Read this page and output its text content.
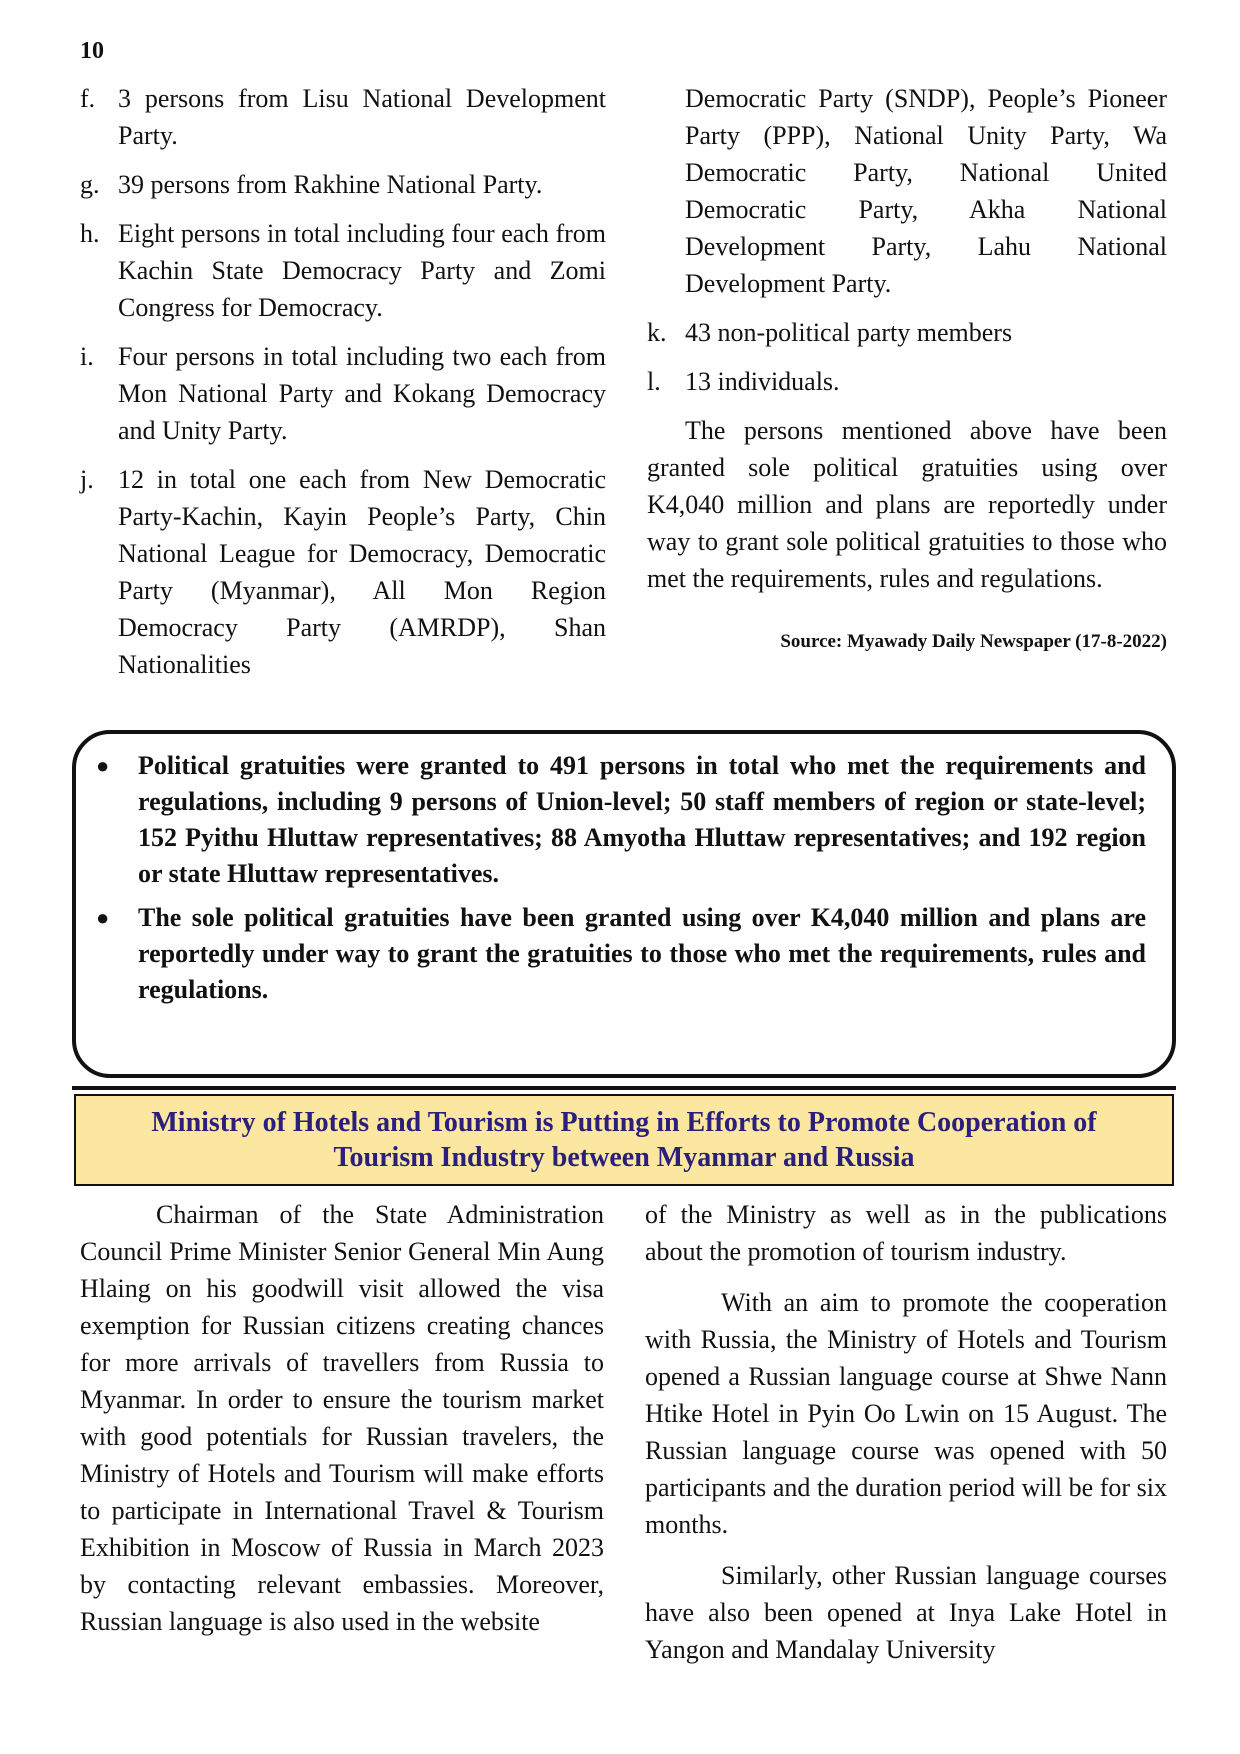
10
f. 3 persons from Lisu National Development Party.
g. 39 persons from Rakhine National Party.
h. Eight persons in total including four each from Kachin State Democracy Party and Zomi Congress for Democracy.
i. Four persons in total including two each from Mon National Party and Kokang Democracy and Unity Party.
j. 12 in total one each from New Democratic Party-Kachin, Kayin People’s Party, Chin National League for Democracy, Democratic Party (Myanmar), All Mon Region Democracy Party (AMRDP), Shan Nationalities
Democratic Party (SNDP), People’s Pioneer Party (PPP), National Unity Party, Wa Democratic Party, National United Democratic Party, Akha National Development Party, Lahu National Development Party.
k. 43 non-political party members
l. 13 individuals.

The persons mentioned above have been granted sole political gratuities using over K4,040 million and plans are reportedly under way to grant sole political gratuities to those who met the requirements, rules and regulations.

Source: Myawady Daily Newspaper (17-8-2022)
●	Political gratuities were granted to 491 persons in total who met the requirements and regulations, including 9 persons of Union-level; 50 staff members of region or state-level; 152 Pyithu Hluttaw representatives; 88 Amyotha Hluttaw representatives; and 192 region or state Hluttaw representatives.
●	The sole political gratuities have been granted using over K4,040 million and plans are reportedly under way to grant the gratuities to those who met the requirements, rules and regulations.
Ministry of Hotels and Tourism is Putting in Efforts to Promote Cooperation of
Tourism Industry between Myanmar and Russia

Chairman of the State Administration Council Prime Minister Senior General Min Aung Hlaing on his goodwill visit allowed the visa exemption for Russian citizens creating chances for more arrivals of travellers from Russia to Myanmar. In order to ensure the tourism market with good potentials for Russian travelers, the Ministry of Hotels and Tourism will make efforts to participate in International Travel & Tourism Exhibition in Moscow of Russia in March 2023 by contacting relevant embassies. Moreover, Russian language is also used in the website

of the Ministry as well as in the publications about the promotion of tourism industry.

With an aim to promote the cooperation with Russia, the Ministry of Hotels and Tourism opened a Russian language course at Shwe Nann Htike Hotel in Pyin Oo Lwin on 15 August. The Russian language course was opened with 50 participants and the duration period will be for six months.

Similarly, other Russian language courses have also been opened at Inya Lake Hotel in Yangon and Mandalay University
